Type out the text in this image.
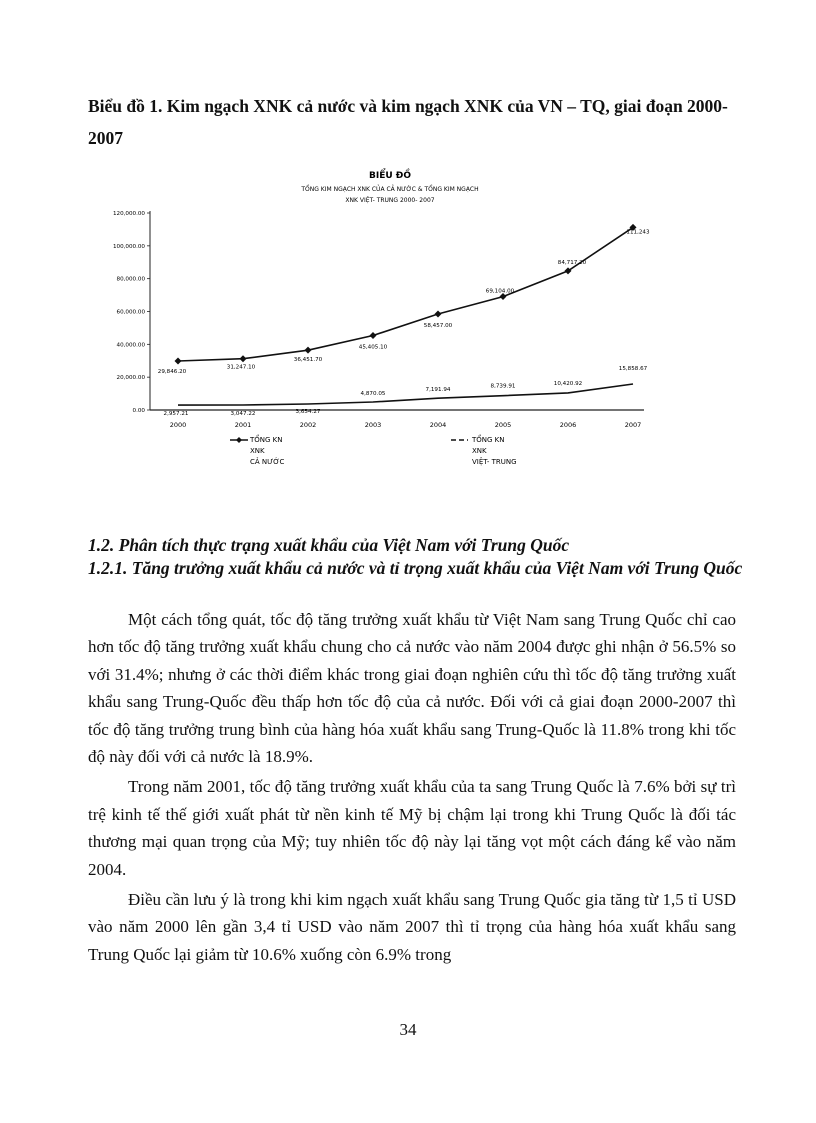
Biểu đồ 1. Kim ngạch XNK cả nước và kim ngạch XNK của VN – TQ, giai đoạn 2000- 2007

BIỂU ĐỒ
TỔNG KIM NGẠCH XNK CỦA CẢ NƯỚC & TỔNG KIM NGẠCH
XNK VIỆT- TRUNG 2000- 2007
120,000.00
100,000.00
80,000.00
60,000.00
40,000.00
20,000.00
0.00
2000	2001	2002	2003	2004	2005	2006	2007
29,846.20
31,247.10
36,451.70
45,405.10
58,457.00
69,104.00
84,717.20
111,243
2,957.21	3,047.22	3,654.27
4,870.05
7,191.94
8,739.91	10,420.92
15,858.67
TỔNG KN
XNK
CẢ NƯỚC
TỔNG KN
XNK
VIỆT- TRUNG

1.2. Phân tích thực trạng xuất khẩu của Việt Nam với Trung Quốc

1.2.1. Tăng trưởng xuất khẩu cả nước và tỉ trọng xuất khẩu của Việt Nam với Trung Quốc

Một cách tổng quát, tốc độ tăng trưởng xuất khẩu từ Việt Nam sang Trung Quốc chỉ cao hơn tốc độ tăng trưởng xuất khẩu chung cho cả nước vào năm 2004 được ghi nhận ở 56.5% so với 31.4%; nhưng ở các thời điểm khác trong giai đoạn nghiên cứu thì tốc độ tăng trưởng xuất khẩu sang Trung-Quốc đều thấp hơn tốc độ của cả nước. Đối với cả giai đoạn 2000-2007 thì tốc độ tăng trưởng trung bình của hàng hóa xuất khẩu sang Trung-Quốc là 11.8% trong khi tốc độ này đối với cả nước là 18.9%.

Trong năm 2001, tốc độ tăng trưởng xuất khẩu của ta sang Trung Quốc là 7.6% bởi sự trì trệ kinh tế thế giới xuất phát từ nền kinh tế Mỹ bị chậm lại trong khi Trung Quốc là đối tác thương mại quan trọng của Mỹ; tuy nhiên tốc độ này lại tăng vọt một cách đáng kể vào năm 2004.

Điều cần lưu ý là trong khi kim ngạch xuất khẩu sang Trung Quốc gia tăng từ 1,5 tỉ USD vào năm 2000 lên gần 3,4 tỉ USD vào năm 2007 thì tỉ trọng của hàng hóa xuất khẩu sang Trung Quốc lại giảm từ 10.6% xuống còn 6.9% trong

34
